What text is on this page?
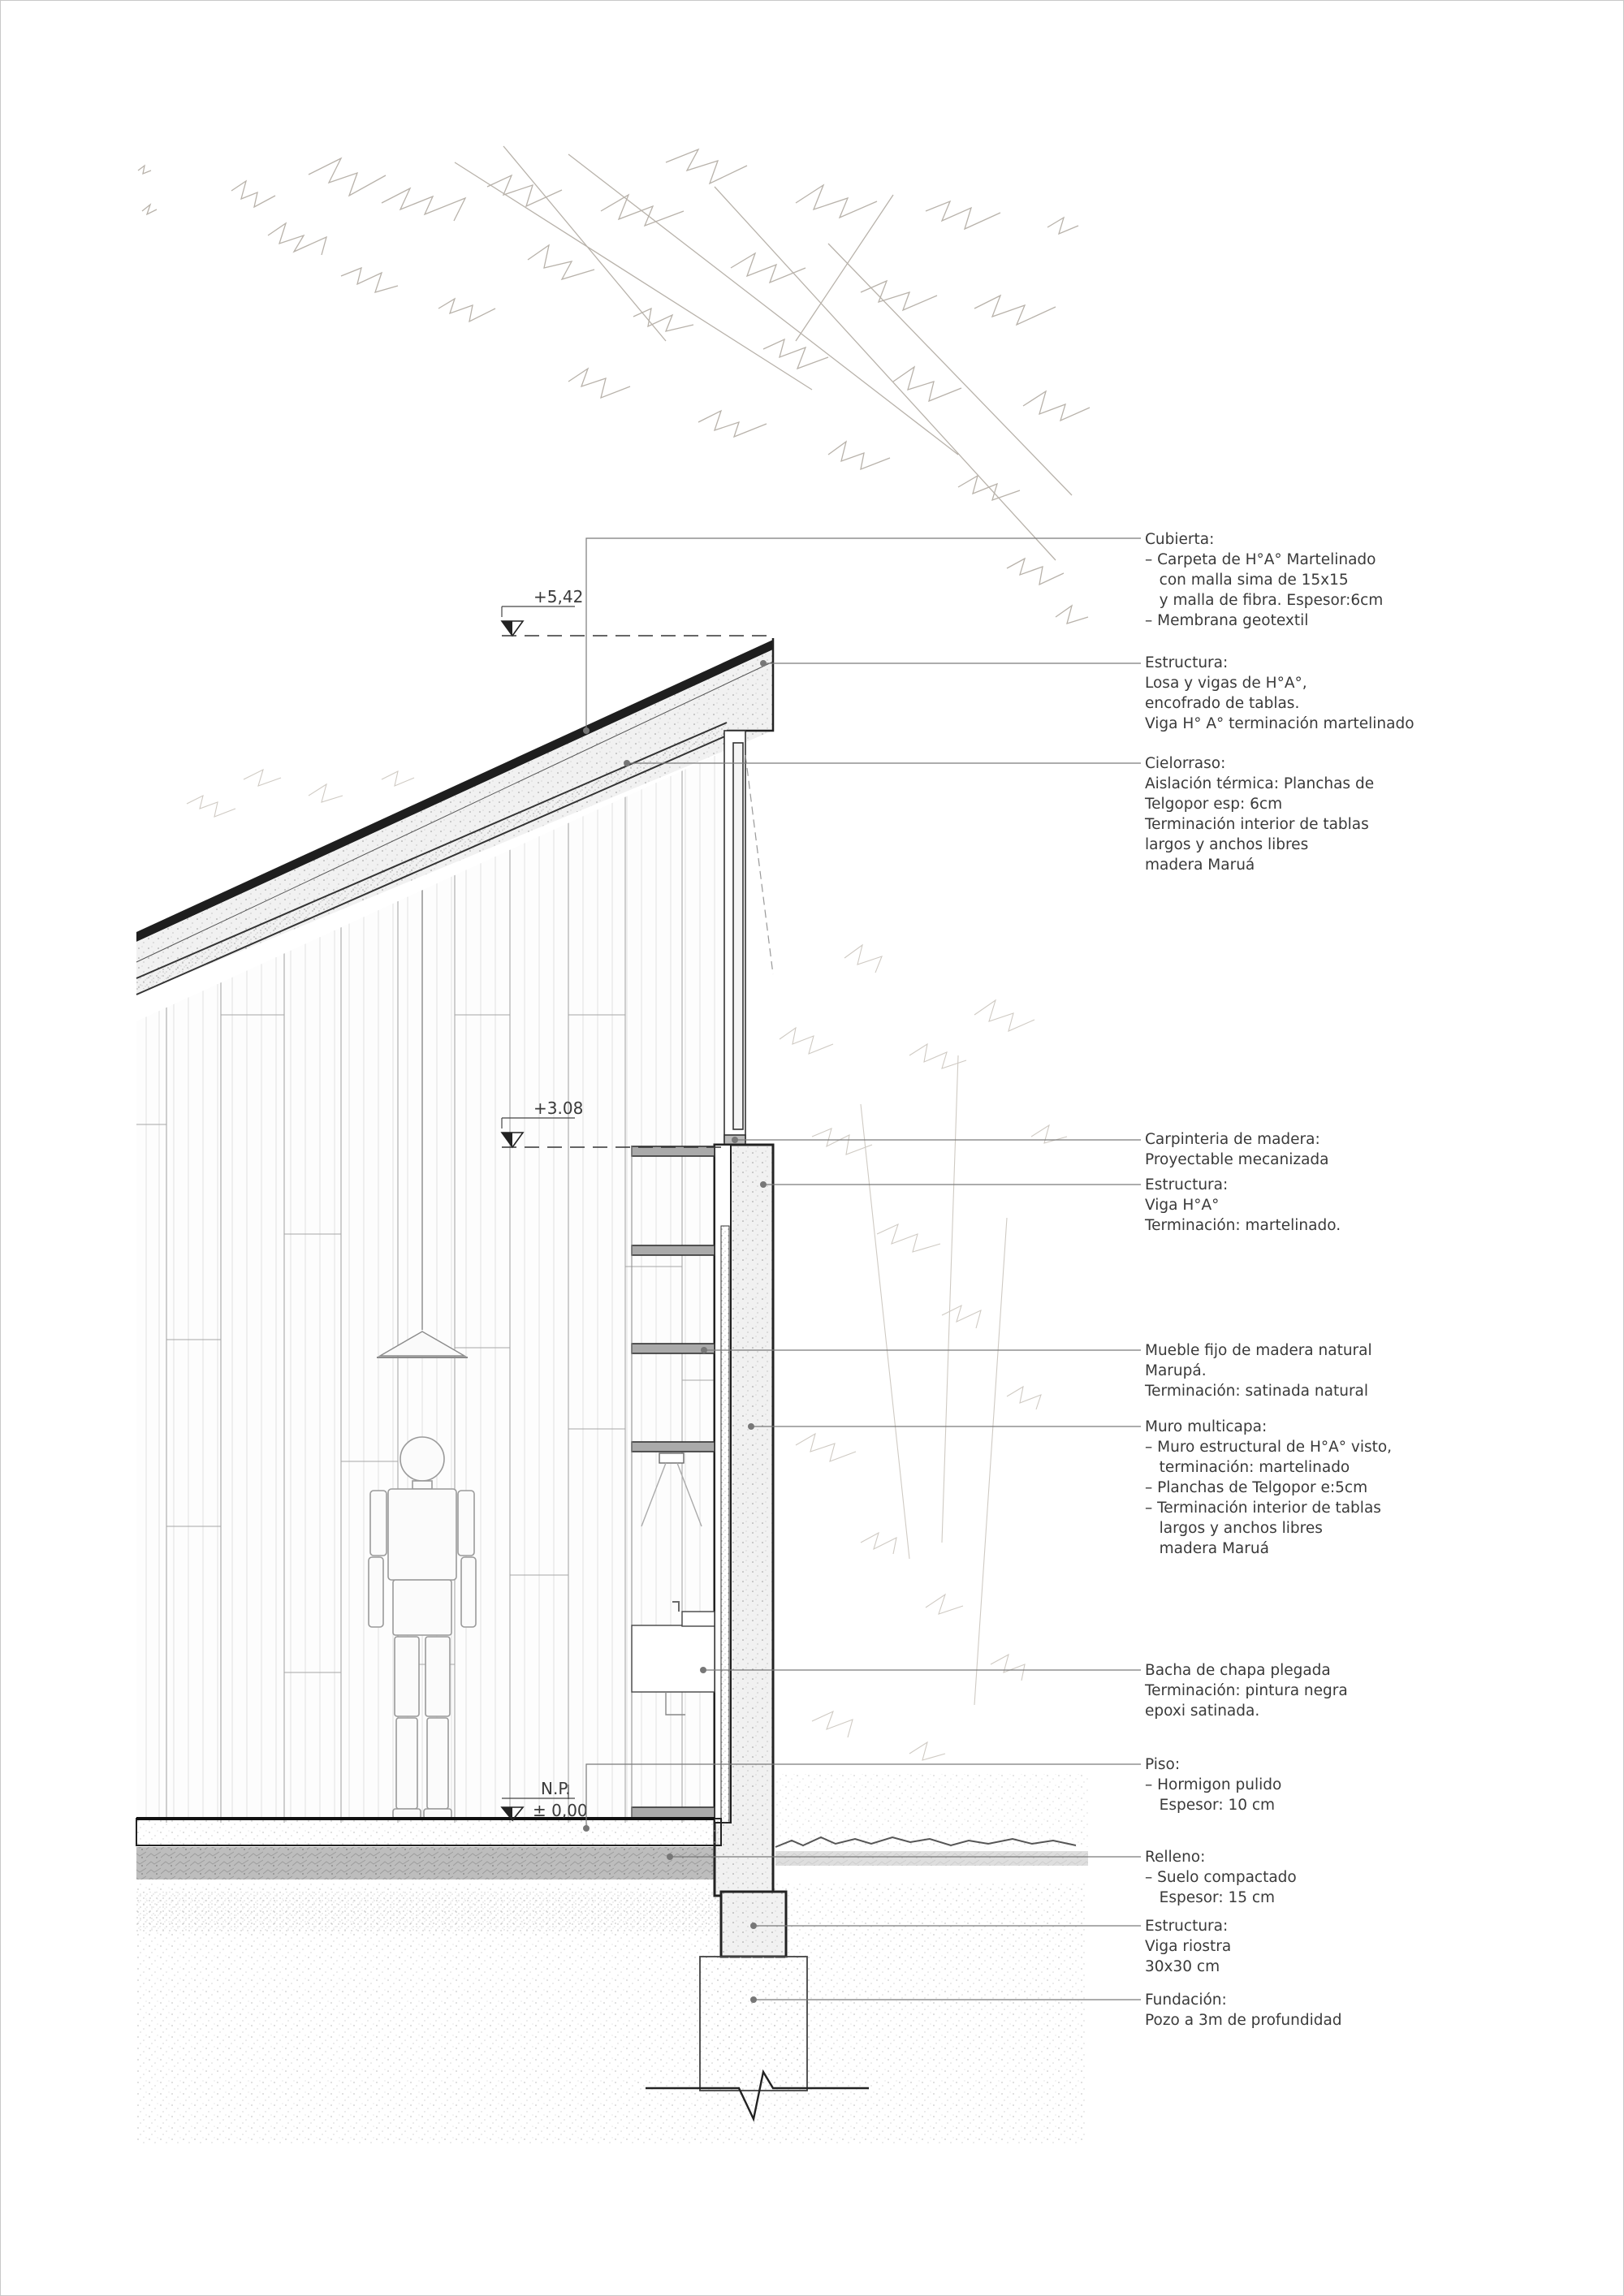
+5,42
+3.08
N.P.
± 0,00
Cubierta: – Carpeta de H°A° Martelinado    con malla sima de 15x15    y malla de fibra. Espesor:6cm – Membrana geotextil
Estructura: Losa y vigas de H°A°, encofrado de tablas. Viga H° A° terminación martelinado
Cielorraso: Aislación térmica: Planchas de Telgopor esp: 6cm Terminación interior de tablas largos y anchos libres madera Maruá
Carpinteria de madera: Proyectable mecanizada
Estructura: Viga H°A° Terminación: martelinado.
Mueble fijo de madera natural Marupá. Terminación: satinada natural
Muro multicapa: – Muro estructural de H°A° visto,          terminación: martelinado – Planchas de Telgopor e:5cm – Terminación interior de tablas          largos y anchos libres          madera Maruá
Bacha de chapa plegada Terminación: pintura negra epoxi satinada.
Piso: – Hormigon pulido          Espesor: 10 cm
Relleno: – Suelo compactado          Espesor: 15 cm
Estructura: Viga riostra 30x30 cm
Fundación: Pozo a 3m de profundidad
